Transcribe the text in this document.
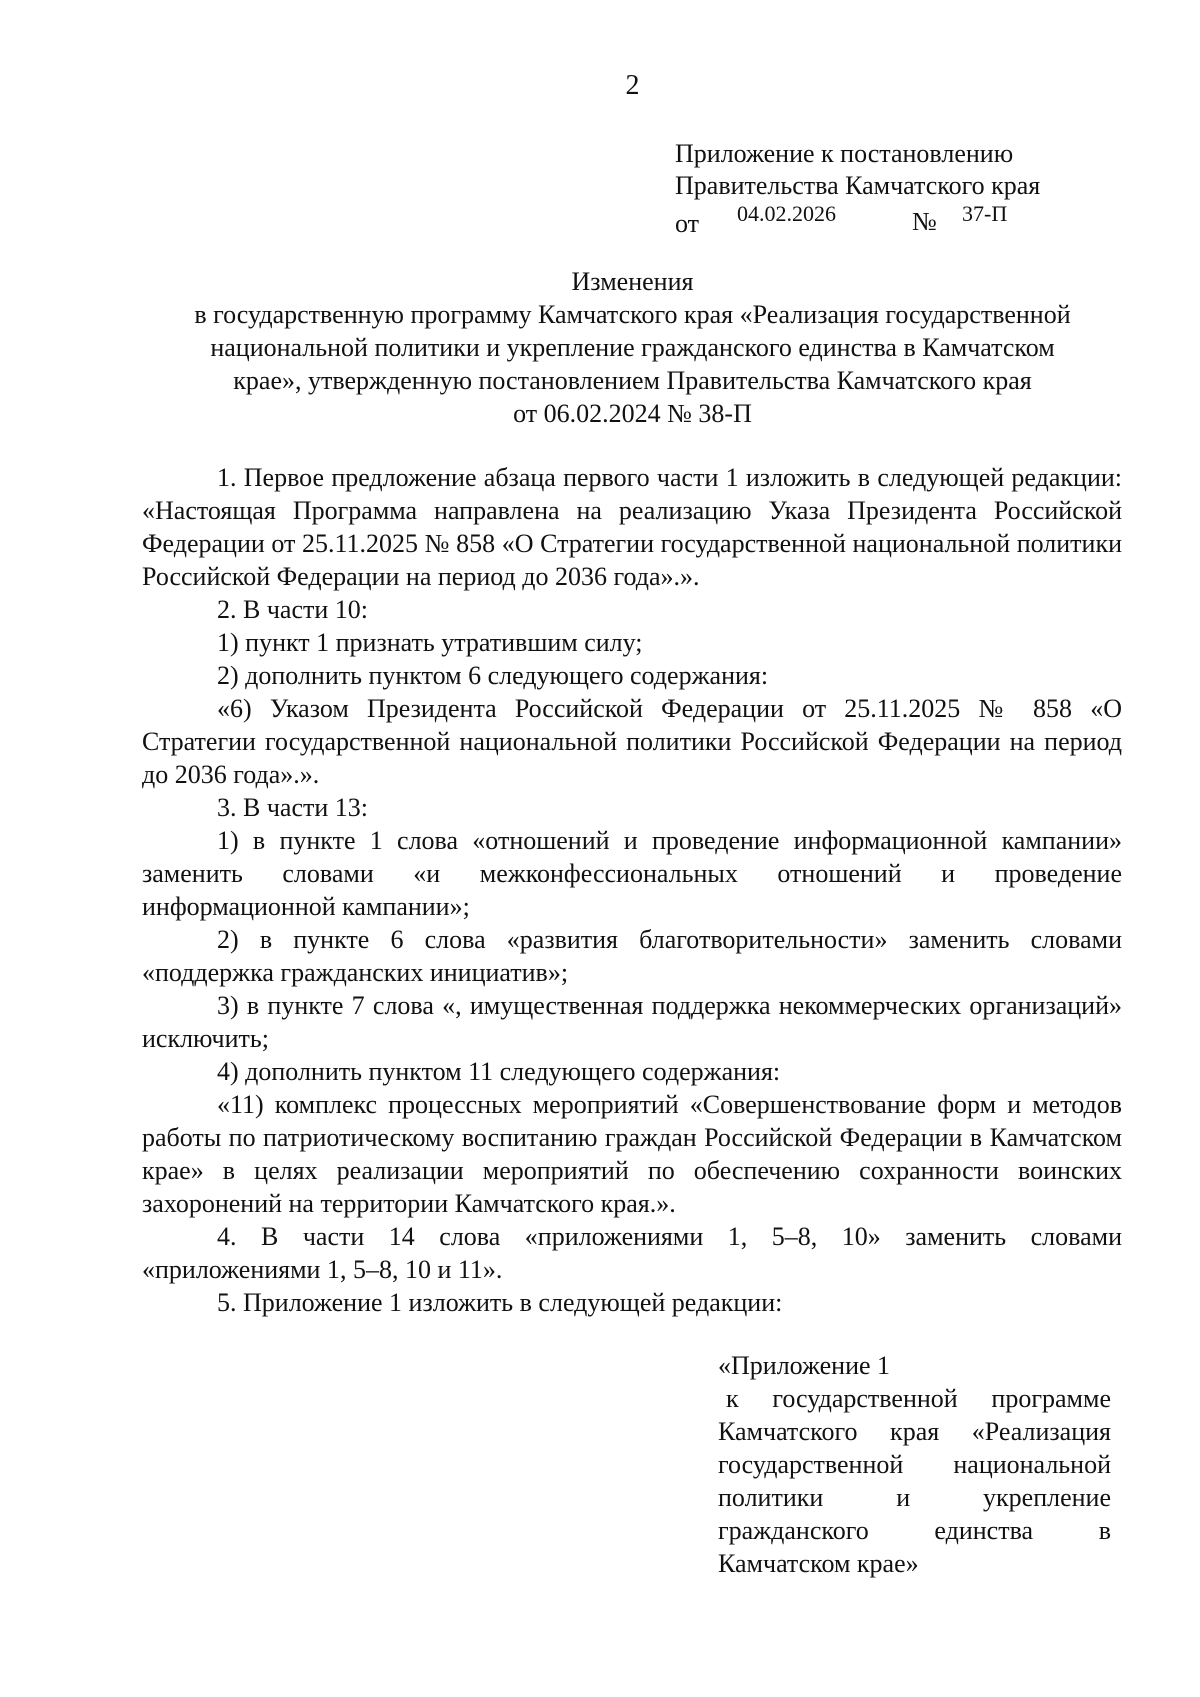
2
Приложение к постановлению
Правительства Камчатского края
от 04.02.2026	№ 37-П
Изменения
в государственную программу Камчатского края «Реализация государственной
национальной политики и укрепление гражданского единства в Камчатском
крае», утвержденную постановлением Правительства Камчатского края
от 06.02.2024 № 38-П

1. Первое предложение абзаца первого части 1 изложить в следующей редакции: «Настоящая Программа направлена на реализацию Указа Президента Российской Федерации от 25.11.2025 № 858 «О Стратегии государственной национальной политики Российской Федерации на период до 2036 года».».

2. В части 10:

1) пункт 1 признать утратившим силу;

2) дополнить пунктом 6 следующего содержания:

«6) Указом Президента Российской Федерации от 25.11.2025 № 858 «О Стратегии государственной национальной политики Российской Федерации на период до 2036 года».».

3. В части 13:

1) в пункте 1 слова «отношений и проведение информационной кампании» заменить словами «и межконфессиональных отношений и проведение информационной кампании»;

2) в пункте 6 слова «развития благотворительности» заменить словами «поддержка гражданских инициатив»;

3) в пункте 7 слова «, имущественная поддержка некоммерческих организаций» исключить;

4) дополнить пунктом 11 следующего содержания:

«11) комплекс процессных мероприятий «Совершенствование форм и методов работы по патриотическому воспитанию граждан Российской Федерации в Камчатском крае» в целях реализации мероприятий по обеспечению сохранности воинских захоронений на территории Камчатского края.».

4. В части 14 слова «приложениями 1, 5–8, 10» заменить словами «приложениями 1, 5–8, 10 и 11».

5. Приложение 1 изложить в следующей редакции:

«Приложение 1

к государственной программе Камчатского края «Реализация государственной национальной политики и укрепление гражданского единства в Камчатском крае»
